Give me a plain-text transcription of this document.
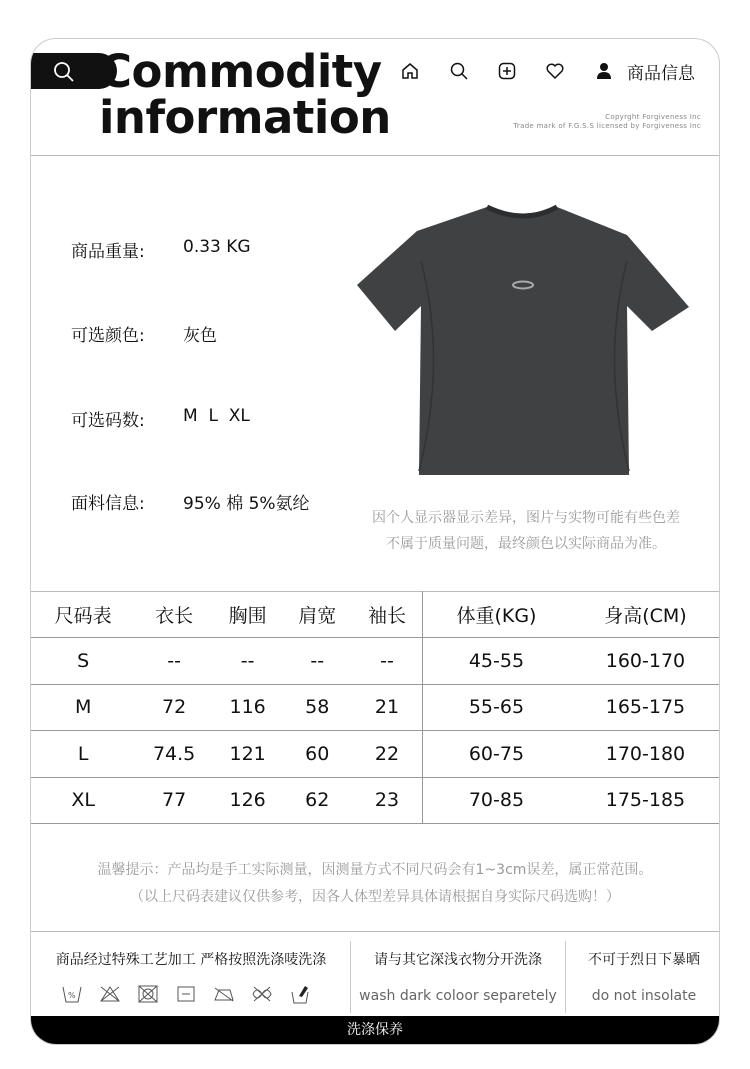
Commodity
information
商品信息
Copyrght Forgiveness Inc
Trade mark of F.G.S.S licensed by Forgiveness Inc
商品重量: 0.33 KG
可选颜色: 灰色
可选码数: M  L  XL
面料信息: 95% 棉 5%氨纶
因个人显示器显示差异，图片与实物可能有些色差
不属于质量问题，最终颜色以实际商品为准。
尺码表	衣长	胸围	肩宽	袖长	体重(KG)	身高(CM)
S	--	--	--	--	45-55	160-170
M	72	116	58	21	55-65	165-175
L	74.5	121	60	22	60-75	170-180
XL	77	126	62	23	70-85	175-185
温馨提示：产品均是手工实际测量，因测量方式不同尺码会有1~3cm误差，属正常范围。
（以上尺码表建议仅供参考，因各人体型差异具体请根据自身实际尺码选购！）
商品经过特殊工艺加工 严格按照洗涤唛洗涤
%
请与其它深浅衣物分开洗涤
wash dark coloor separetely
不可于烈日下暴晒
do not insolate
洗涤保养
